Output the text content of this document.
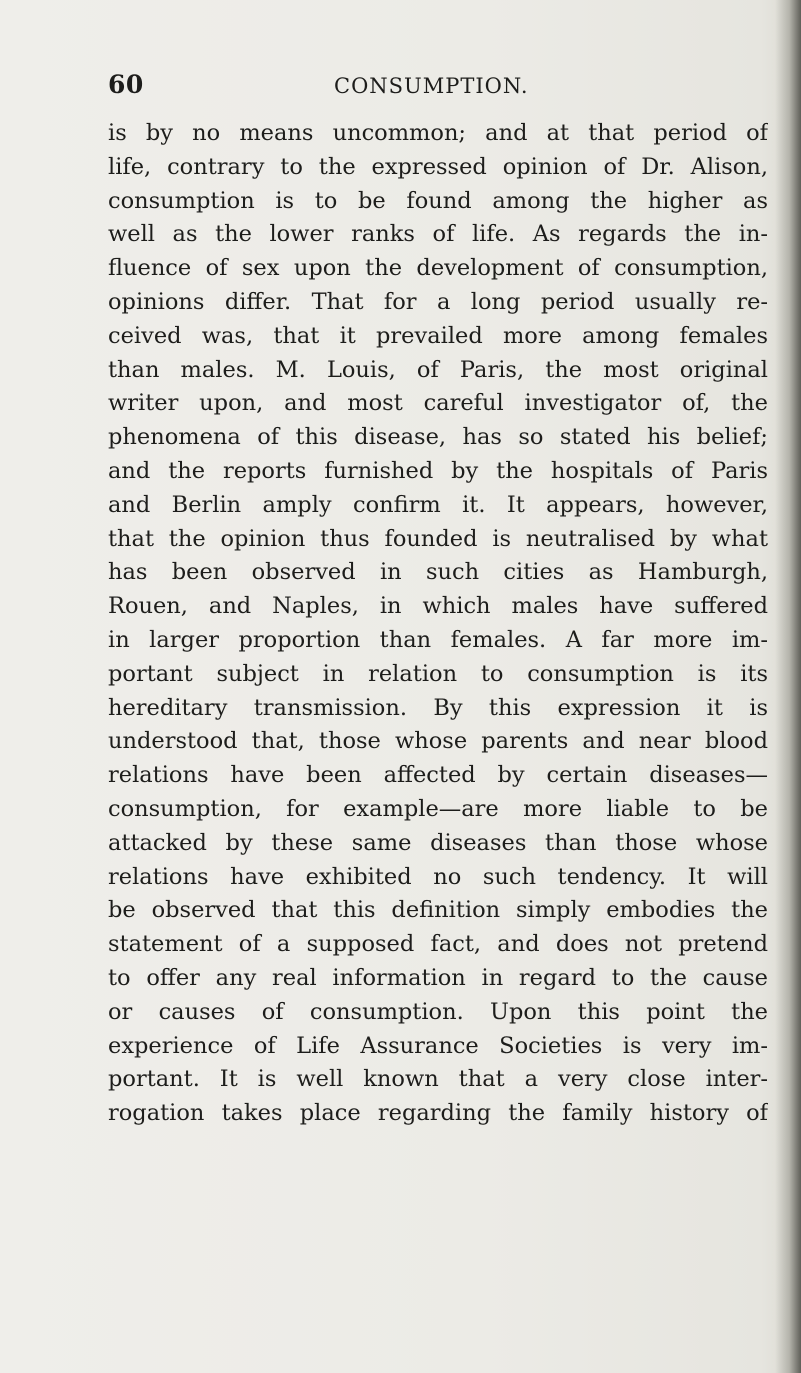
60	CONSUMPTION.
is by no means uncommon; and at that period of
life, contrary to the expressed opinion of Dr. Alison,
consumption is to be found among the higher as
well as the lower ranks of life. As regards the in-
fluence of sex upon the development of consumption,
opinions differ. That for a long period usually re-
ceived was, that it prevailed more among females
than males. M. Louis, of Paris, the most original
writer upon, and most careful investigator of, the
phenomena of this disease, has so stated his belief;
and the reports furnished by the hospitals of Paris
and Berlin amply confirm it. It appears, however,
that the opinion thus founded is neutralised by what
has been observed in such cities as Hamburgh,
Rouen, and Naples, in which males have suffered
in larger proportion than females. A far more im-
portant subject in relation to consumption is its
hereditary transmission. By this expression it is
understood that, those whose parents and near blood
relations have been affected by certain diseases—
consumption, for example—are more liable to be
attacked by these same diseases than those whose
relations have exhibited no such tendency. It will
be observed that this definition simply embodies the
statement of a supposed fact, and does not pretend
to offer any real information in regard to the cause
or causes of consumption. Upon this point the
experience of Life Assurance Societies is very im-
portant. It is well known that a very close inter-
rogation takes place regarding the family history of
